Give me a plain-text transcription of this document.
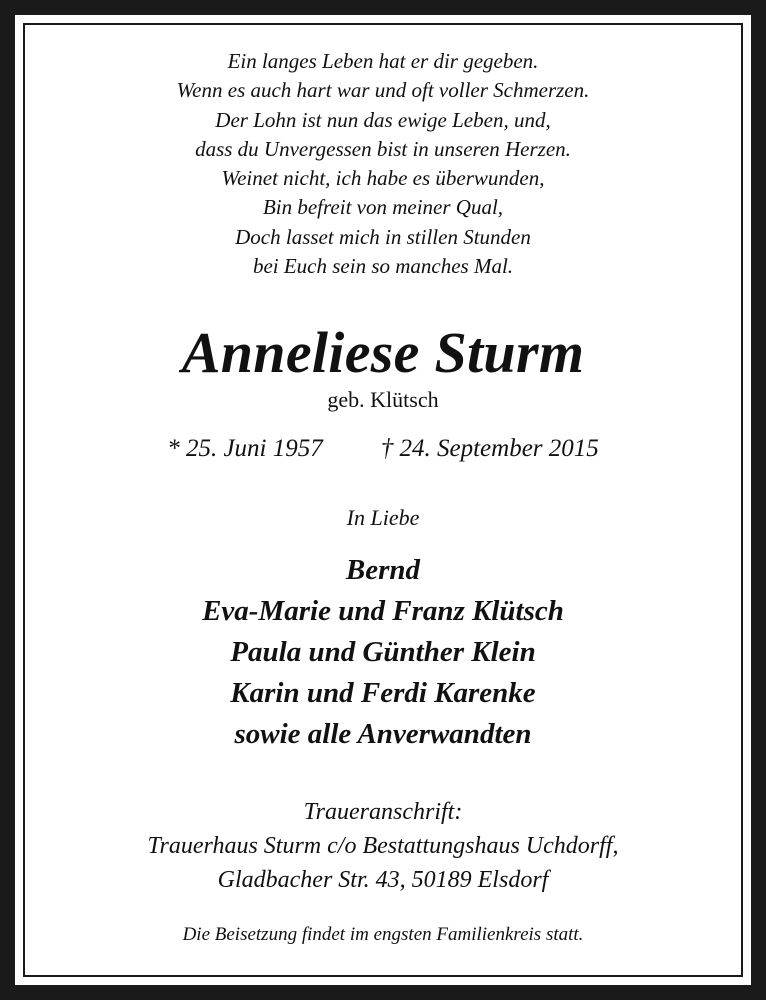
Ein langes Leben hat er dir gegeben.
Wenn es auch hart war und oft voller Schmerzen.
Der Lohn ist nun das ewige Leben, und,
dass du Unvergessen bist in unseren Herzen.
Weinet nicht, ich habe es überwunden,
Bin befreit von meiner Qual,
Doch lasset mich in stillen Stunden
bei Euch sein so manches Mal.
Anneliese Sturm
geb. Klütsch
* 25. Juni 1957 † 24. September 2015
In Liebe
Bernd
Eva-Marie und Franz Klütsch
Paula und Günther Klein
Karin und Ferdi Karenke
sowie alle Anverwandten
Traueranschrift:
Trauerhaus Sturm c/o Bestattungshaus Uchdorff,
Gladbacher Str. 43, 50189 Elsdorf
Die Beisetzung findet im engsten Familienkreis statt.
